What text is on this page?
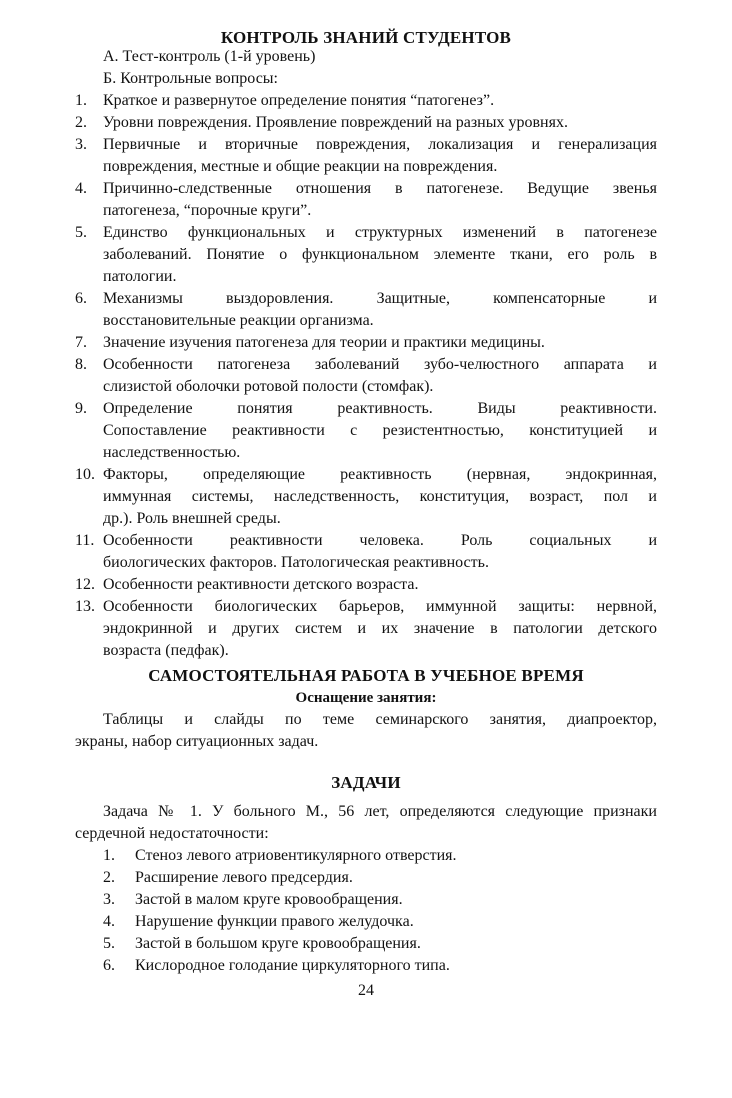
КОНТРОЛЬ ЗНАНИЙ СТУДЕНТОВ
А. Тест-контроль (1-й уровень)
Б. Контрольные вопросы:
1. Краткое и развернутое определение понятия “патогенез”.
2. Уровни повреждения. Проявление повреждений на разных уровнях.
3. Первичные и вторичные повреждения, локализация и генерализация
повреждения, местные и общие реакции на повреждения.
4. Причинно-следственные отношения в патогенезе. Ведущие звенья
патогенеза, “порочные круги”.
5. Единство функциональных и структурных изменений в патогенезе
заболеваний. Понятие о функциональном элементе ткани, его роль в
патологии.
6. Механизмы выздоровления. Защитные, компенсаторные и
восстановительные реакции организма.
7. Значение изучения патогенеза для теории и практики медицины.
8. Особенности патогенеза заболеваний зубо-челюстного аппарата и
слизистой оболочки ротовой полости (стомфак).
9. Определение понятия реактивность. Виды реактивности.
Сопоставление реактивности с резистентностью, конституцией и
наследственностью.
10. Факторы, определяющие реактивность (нервная, эндокринная,
иммунная системы, наследственность, конституция, возраст, пол и
др.). Роль внешней среды.
11. Особенности реактивности человека. Роль социальных и
биологических факторов. Патологическая реактивность.
12. Особенности реактивности детского возраста.
13. Особенности биологических барьеров, иммунной защиты: нервной,
эндокринной и других систем и их значение в патологии детского
возраста (педфак).
САМОСТОЯТЕЛЬНАЯ РАБОТА В УЧЕБНОЕ ВРЕМЯ
Оснащение занятия:
Таблицы и слайды по теме семинарского занятия, диапроектор,
экраны, набор ситуационных задач.
ЗАДАЧИ
Задача № 1. У больного М., 56 лет, определяются следующие признаки
сердечной недостаточности:
1. Стеноз левого атриовентикулярного отверстия.
2. Расширение левого предсердия.
3. Застой в малом круге кровообращения.
4. Нарушение функции правого желудочка.
5. Застой в большом круге кровообращения.
6. Кислородное голодание циркуляторного типа.
24
